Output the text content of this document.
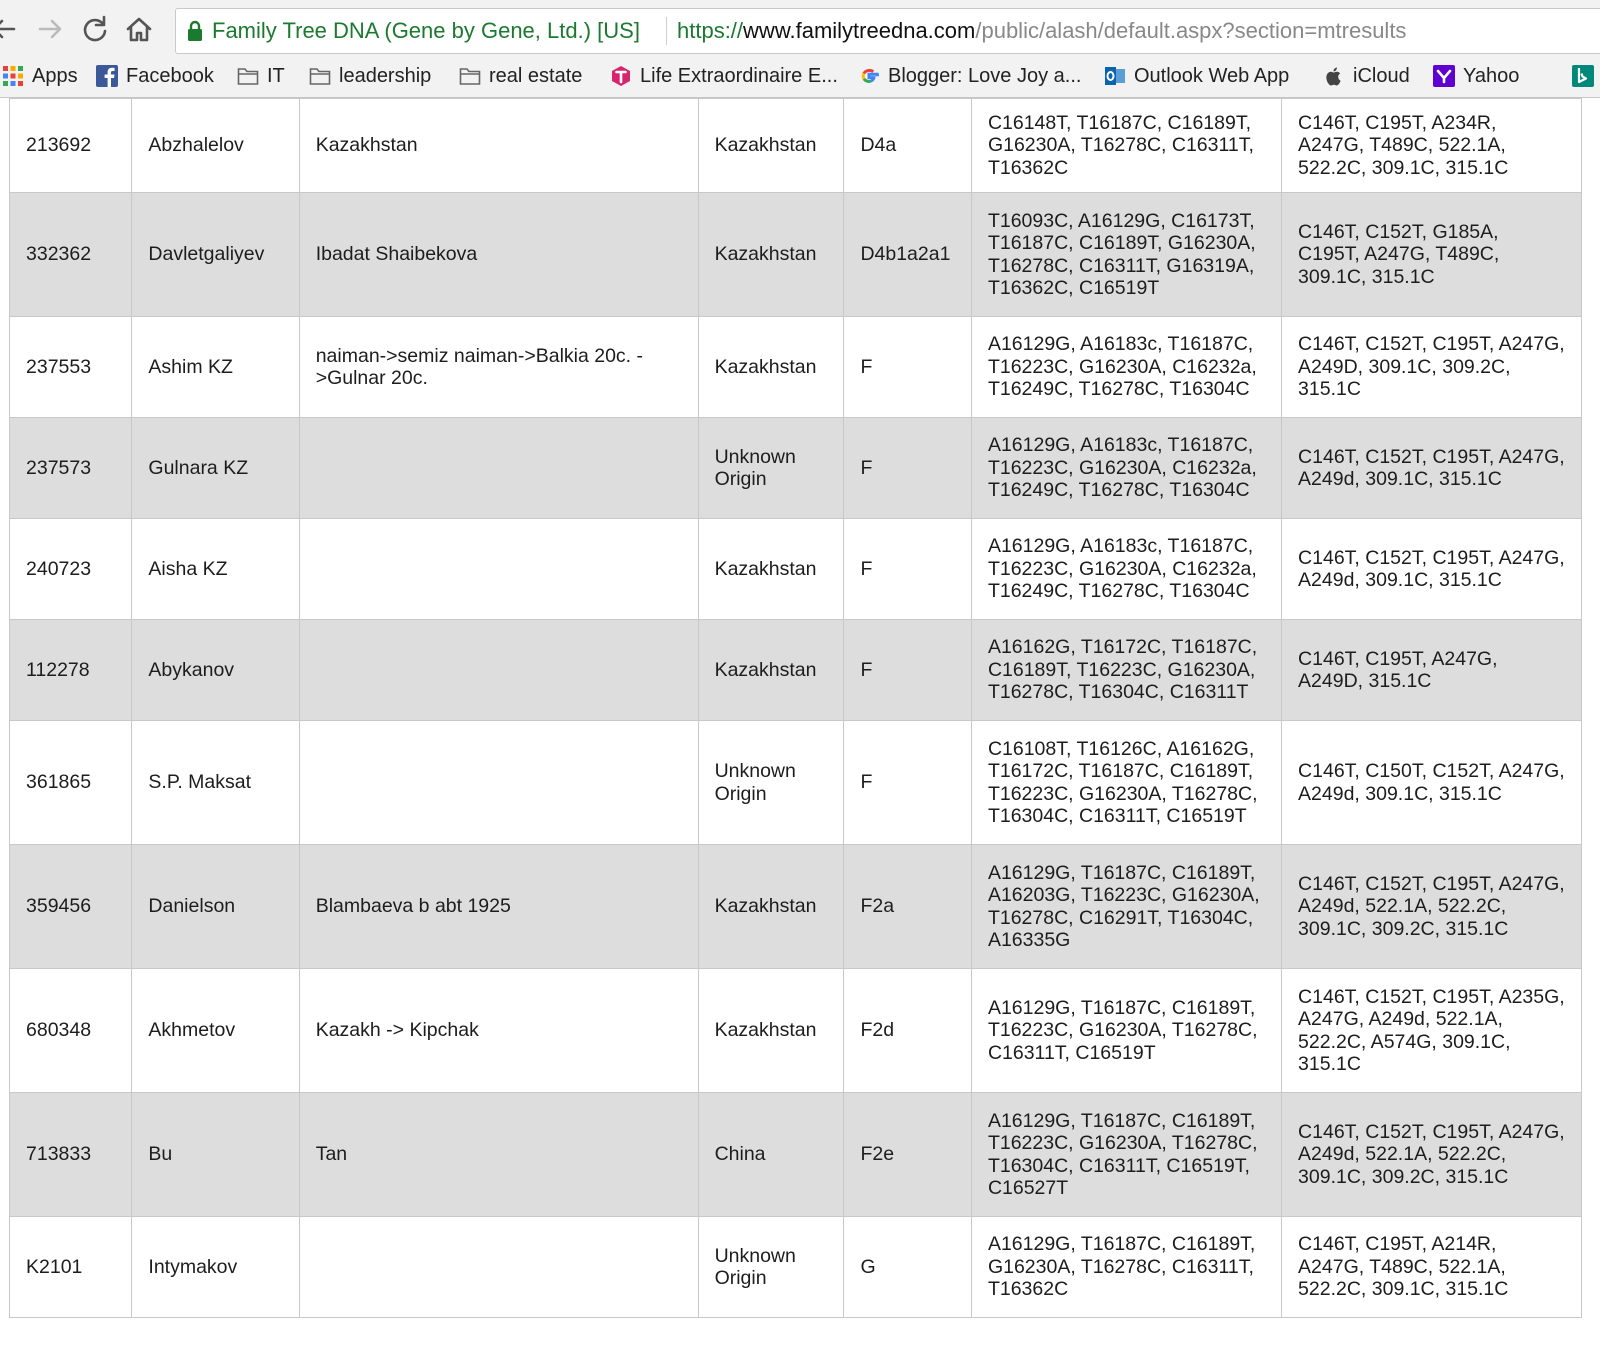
Family Tree DNA (Gene by Gene, Ltd.) [US] https://www.familytreedna.com/public/alash/default.aspx?section=mtresults
Apps Facebook	IT	leadership	real estate	Life Extraordinaire E...	Blogger: Love Joy a...	Outlook Web App	iCloud	Yahoo
213692	Abzhalelov	Kazakhstan	Kazakhstan	D4a	C16148T, T16187C, C16189T, G16230A, T16278C, C16311T, T16362C	C146T, C195T, A234R, A247G, T489C, 522.1A, 522.2C, 309.1C, 315.1C
332362	Davletgaliyev	Ibadat Shaibekova	Kazakhstan	D4b1a2a1	T16093C, A16129G, C16173T, T16187C, C16189T, G16230A, T16278C, C16311T, G16319A, T16362C, C16519T	C146T, C152T, G185A, C195T, A247G, T489C, 309.1C, 315.1C
237553	Ashim KZ	naiman->semiz naiman->Balkia 20c. ->Gulnar 20c.	Kazakhstan	F	A16129G, A16183c, T16187C, T16223C, G16230A, C16232a, T16249C, T16278C, T16304C	C146T, C152T, C195T, A247G, A249D, 309.1C, 309.2C, 315.1C
237573	Gulnara KZ		Unknown Origin	F	A16129G, A16183c, T16187C, T16223C, G16230A, C16232a, T16249C, T16278C, T16304C	C146T, C152T, C195T, A247G, A249d, 309.1C, 315.1C
240723	Aisha KZ		Kazakhstan	F	A16129G, A16183c, T16187C, T16223C, G16230A, C16232a, T16249C, T16278C, T16304C	C146T, C152T, C195T, A247G, A249d, 309.1C, 315.1C
112278	Abykanov		Kazakhstan	F	A16162G, T16172C, T16187C, C16189T, T16223C, G16230A, T16278C, T16304C, C16311T	C146T, C195T, A247G, A249D, 315.1C
361865	S.P. Maksat		Unknown Origin	F	C16108T, T16126C, A16162G, T16172C, T16187C, C16189T, T16223C, G16230A, T16278C, T16304C, C16311T, C16519T	C146T, C150T, C152T, A247G, A249d, 309.1C, 315.1C
359456	Danielson	Blambaeva b abt 1925	Kazakhstan	F2a	A16129G, T16187C, C16189T, A16203G, T16223C, G16230A, T16278C, C16291T, T16304C, A16335G	C146T, C152T, C195T, A247G, A249d, 522.1A, 522.2C, 309.1C, 309.2C, 315.1C
680348	Akhmetov	Kazakh -> Kipchak	Kazakhstan	F2d	A16129G, T16187C, C16189T, T16223C, G16230A, T16278C, C16311T, C16519T	C146T, C152T, C195T, A235G, A247G, A249d, 522.1A, 522.2C, A574G, 309.1C, 315.1C
713833	Bu	Tan	China	F2e	A16129G, T16187C, C16189T, T16223C, G16230A, T16278C, T16304C, C16311T, C16519T, C16527T	C146T, C152T, C195T, A247G, A249d, 522.1A, 522.2C, 309.1C, 309.2C, 315.1C
K2101	Intymakov		Unknown Origin	G	A16129G, T16187C, C16189T, G16230A, T16278C, C16311T, T16362C	C146T, C195T, A214R, A247G, T489C, 522.1A, 522.2C, 309.1C, 315.1C
